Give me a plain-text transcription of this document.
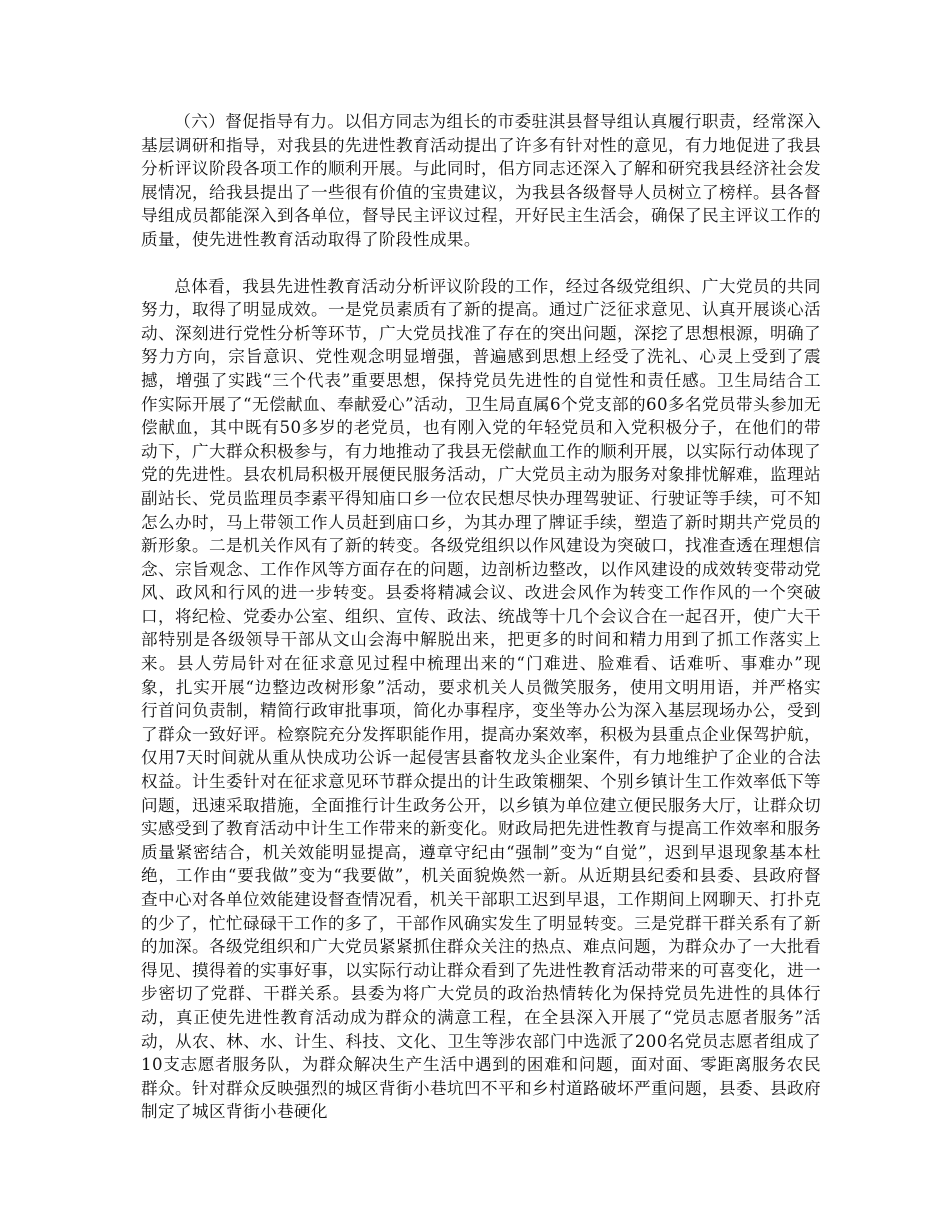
（六）督促指导有力。以佀方同志为组长的市委驻淇县督导组认真履行职责，经常深入基层调研和指导，对我县的先进性教育活动提出了许多有针对性的意见，有力地促进了我县分析评议阶段各项工作的顺利开展。与此同时，佀方同志还深入了解和研究我县经济社会发展情况，给我县提出了一些很有价值的宝贵建议，为我县各级督导人员树立了榜样。县各督导组成员都能深入到各单位，督导民主评议过程，开好民主生活会，确保了民主评议工作的质量，使先进性教育活动取得了阶段性成果。

总体看，我县先进性教育活动分析评议阶段的工作，经过各级党组织、广大党员的共同努力，取得了明显成效。一是党员素质有了新的提高。通过广泛征求意见、认真开展谈心活动、深刻进行党性分析等环节，广大党员找准了存在的突出问题，深挖了思想根源，明确了努力方向，宗旨意识、党性观念明显增强，普遍感到思想上经受了洗礼、心灵上受到了震撼，增强了实践“三个代表”重要思想，保持党员先进性的自觉性和责任感。卫生局结合工作实际开展了“无偿献血、奉献爱心”活动，卫生局直属6个党支部的60多名党员带头参加无偿献血，其中既有50多岁的老党员，也有刚入党的年轻党员和入党积极分子，在他们的带动下，广大群众积极参与，有力地推动了我县无偿献血工作的顺利开展，以实际行动体现了党的先进性。县农机局积极开展便民服务活动，广大党员主动为服务对象排忧解难，监理站副站长、党员监理员李素平得知庙口乡一位农民想尽快办理驾驶证、行驶证等手续，可不知怎么办时，马上带领工作人员赶到庙口乡，为其办理了牌证手续，塑造了新时期共产党员的新形象。二是机关作风有了新的转变。各级党组织以作风建设为突破口，找准查透在理想信念、宗旨观念、工作作风等方面存在的问题，边剖析边整改，以作风建设的成效转变带动党风、政风和行风的进一步转变。县委将精减会议、改进会风作为转变工作作风的一个突破口，将纪检、党委办公室、组织、宣传、政法、统战等十几个会议合在一起召开，使广大干部特别是各级领导干部从文山会海中解脱出来，把更多的时间和精力用到了抓工作落实上来。县人劳局针对在征求意见过程中梳理出来的“门难进、脸难看、话难听、事难办”现象，扎实开展“边整边改树形象”活动，要求机关人员微笑服务，使用文明用语，并严格实行首问负责制，精简行政审批事项，简化办事程序，变坐等办公为深入基层现场办公，受到了群众一致好评。检察院充分发挥职能作用，提高办案效率，积极为县重点企业保驾护航，仅用7天时间就从重从快成功公诉一起侵害县畜牧龙头企业案件，有力地维护了企业的合法权益。计生委针对在征求意见环节群众提出的计生政策棚架、个别乡镇计生工作效率低下等问题，迅速采取措施，全面推行计生政务公开，以乡镇为单位建立便民服务大厅，让群众切实感受到了教育活动中计生工作带来的新变化。财政局把先进性教育与提高工作效率和服务质量紧密结合，机关效能明显提高，遵章守纪由“强制”变为“自觉”，迟到早退现象基本杜绝，工作由“要我做”变为“我要做”，机关面貌焕然一新。从近期县纪委和县委、县政府督查中心对各单位效能建设督查情况看，机关干部职工迟到早退，工作期间上网聊天、打扑克的少了，忙忙碌碌干工作的多了，干部作风确实发生了明显转变。三是党群干群关系有了新的加深。各级党组织和广大党员紧紧抓住群众关注的热点、难点问题，为群众办了一大批看得见、摸得着的实事好事，以实际行动让群众看到了先进性教育活动带来的可喜变化，进一步密切了党群、干群关系。县委为将广大党员的政治热情转化为保持党员先进性的具体行动，真正使先进性教育活动成为群众的满意工程，在全县深入开展了“党员志愿者服务”活动，从农、林、水、计生、科技、文化、卫生等涉农部门中选派了200名党员志愿者组成了10支志愿者服务队，为群众解决生产生活中遇到的困难和问题，面对面、零距离服务农民群众。针对群众反映强烈的城区背街小巷坑凹不平和乡村道路破坏严重问题，县委、县政府制定了城区背街小巷硬化
